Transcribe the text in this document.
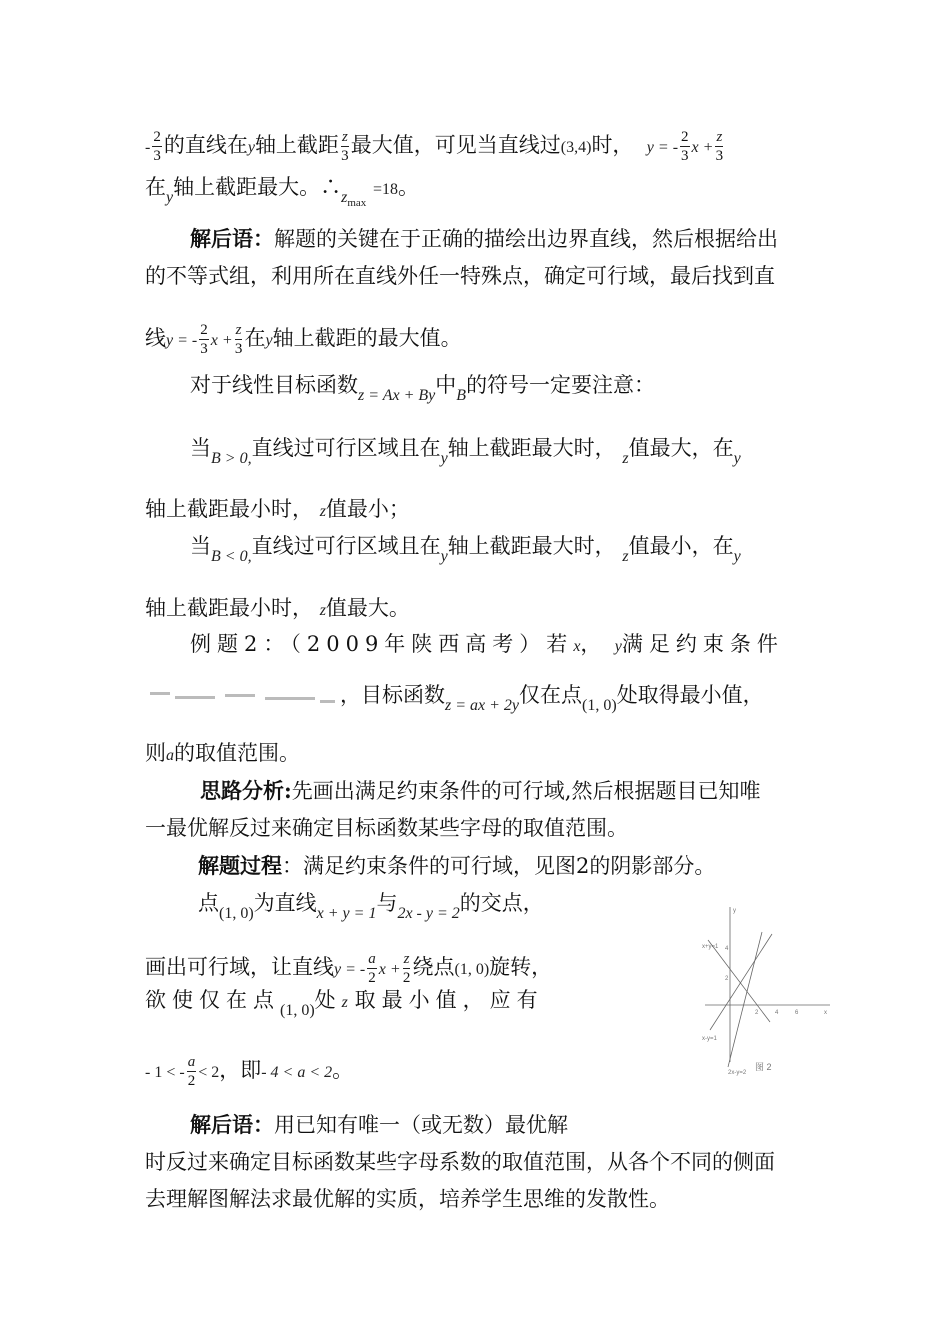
- $\frac{2}{3}$ 的直线在y轴上截距 $\frac{z}{3}$ 最大值，可见当直线过(3,4)时， y = - $\frac{2}{3}$ $x + \frac{z}{3}$
在$_y$轴上截距最大。$\therefore_{zmax} =18$。
解后语：解题的关键在于正确的描绘出边界直线，然后根据给出
的不等式组，利用所在直线外任一特殊点，确定可行域，最后找到直
线y = - $\frac{2}{3}$ $x + \frac{z}{3}$ 在y轴上截距的最大值。
对于线性目标函数$_{z = Ax + By}$中$_B$的符号一定要注意：
当$_{B > 0,}$直线过可行区域且在$_y$轴上截距最大时， $_z$值最大，在$_y$
轴上截距最小时， z值最小；
当$_{B < 0,}$直线过可行区域且在$_y$轴上截距最大时， $_z$值最小，在$_y$
轴上截距最小时， z值最大。
例题2：（2009年陕西高考）若x， y满足约束条件
，目标函数$_{z = ax + 2y}$仅在点$_{(1, 0)}$处取得最小值，
则a的取值范围。
思路分析:先画出满足约束条件的可行域,然后根据题目已知唯
一最优解反过来确定目标函数某些字母的取值范围。
解题过程：满足约束条件的可行域，见图2的阴影部分。
点$_{(1, 0)}$为直线$_{x + y = 1}$与$_{2x - y = 2}$的交点，
画出可行域，让直线y = - $\frac{a}{2}$ $x + \frac{z}{2}$ 绕点(1, 0)旋转，
欲使仅在点$_{(1, 0)}$处z 取最小值，应有
- 1 < - $\frac{a}{2} < 2$，即- 4 < a < 2。
解后语：用已知有唯一（或无数）最优解
时反过来确定目标函数某些字母系数的取值范围，从各个不同的侧面
去理解图解法求最优解的实质，培养学生思维的发散性。
y
x
x+y=1
x-y=1
2x-y=2
2	4	6
2
4
图 2
